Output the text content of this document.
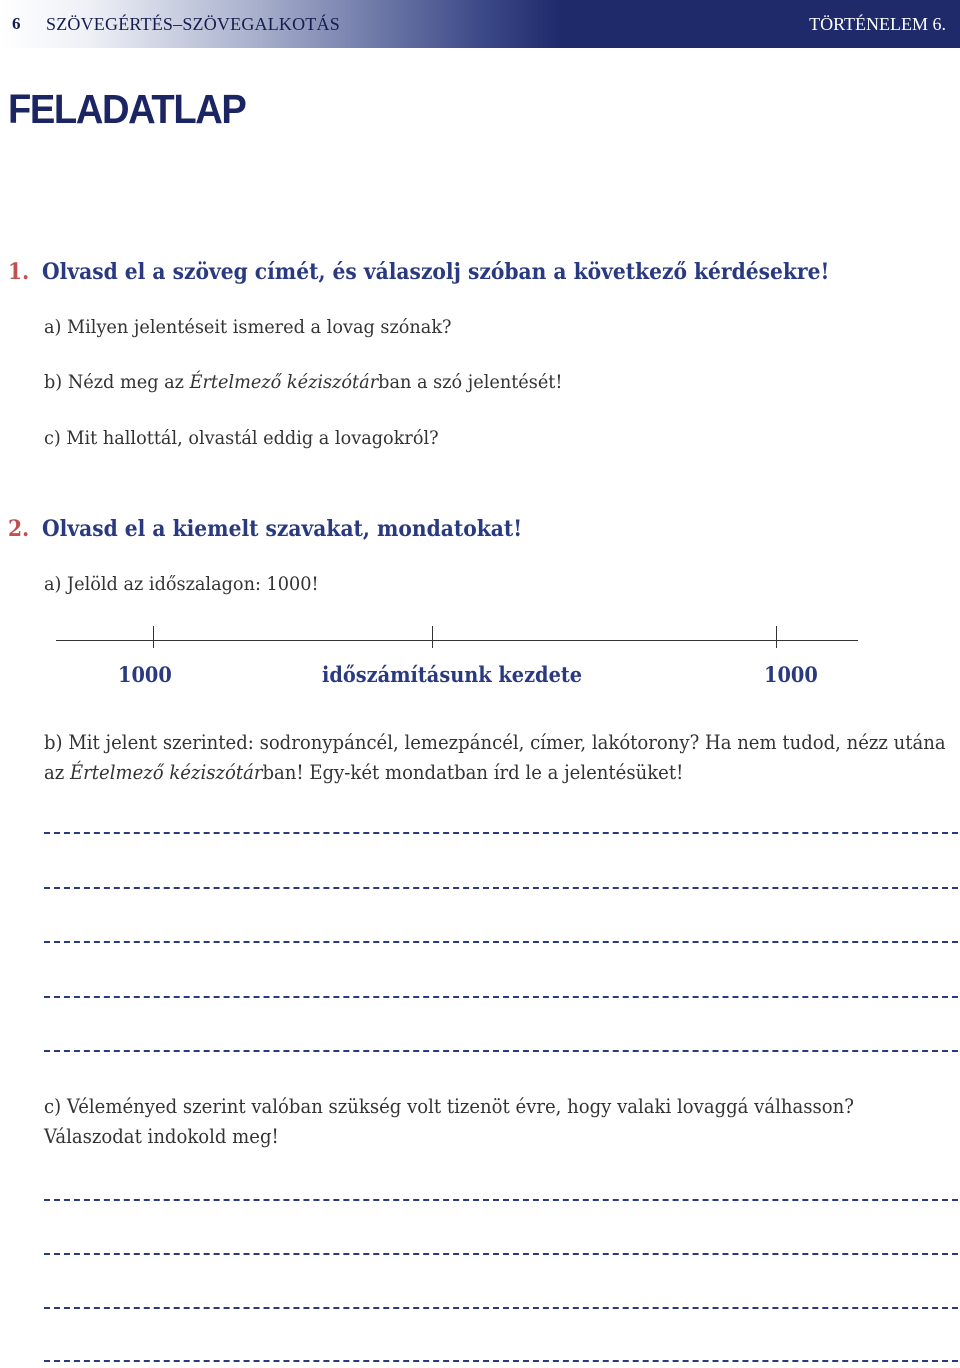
6 SZÖVEGÉRTÉS–SZÖVEGALKOTÁS	TÖRTÉNELEM 6.
FELADATLAP
1. Olvasd el a szöveg címét, és válaszolj szóban a következő kérdésekre!
a) Milyen jelentéseit ismered a lovag szónak?
b) Nézd meg az Értelmező kéziszótárban a szó jelentését!
c) Mit hallottál, olvastál eddig a lovagokról?
2. Olvasd el a kiemelt szavakat, mondatokat!
a) Jelöld az időszalagon: 1000!
1000	időszámításunk kezdete	1000
b) Mit jelent szerinted: sodronypáncél, lemezpáncél, címer, lakótorony? Ha nem tudod, nézz utána az Értelmező kéziszótárban! Egy-két mondatban írd le a jelentésüket!
c) Véleményed szerint valóban szükség volt tizenöt évre, hogy valaki lovaggá válhasson? Válaszodat indokold meg!
